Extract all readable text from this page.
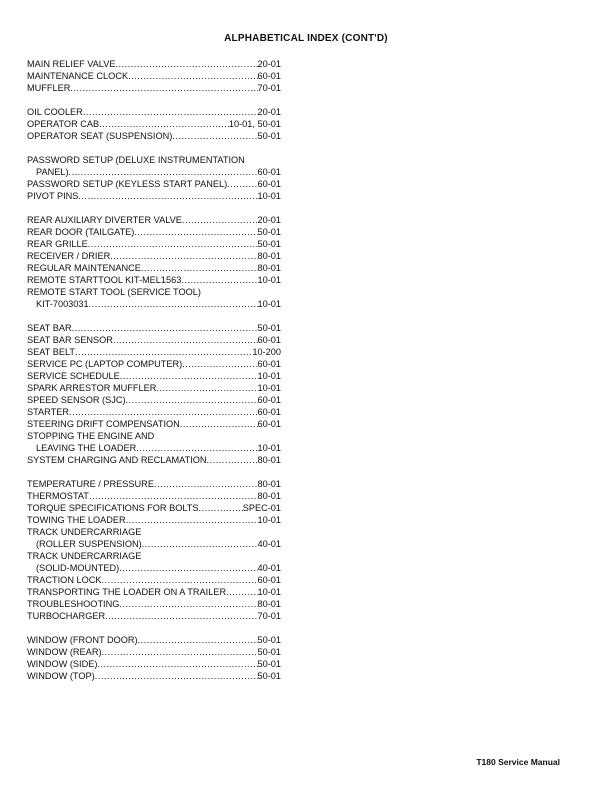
ALPHABETICAL INDEX (CONT'D)
MAIN RELIEF VALVE .....	20-01
MAINTENANCE CLOCK .....	60-01
MUFFLER .....	70-01
OIL COOLER .....	20-01
OPERATOR CAB .....	10-01, 50-01
OPERATOR SEAT (SUSPENSION) .....	50-01
PASSWORD SETUP (DELUXE INSTRUMENTATION
PANEL) .....	60-01
PASSWORD SETUP (KEYLESS START PANEL) .....	60-01
PIVOT PINS .....	10-01
REAR AUXILIARY DIVERTER VALVE .....	20-01
REAR DOOR (TAILGATE) .....	50-01
REAR GRILLE .....	50-01
RECEIVER / DRIER .....	80-01
REGULAR MAINTENANCE .....	80-01
REMOTE STARTTOOL KIT-MEL1563 .....	10-01
REMOTE START TOOL (SERVICE TOOL)
KIT-7003031 .....	10-01
SEAT BAR .....	50-01
SEAT BAR SENSOR .....	60-01
SEAT BELT .....	10-200
SERVICE PC (LAPTOP COMPUTER) .....	60-01
SERVICE SCHEDULE .....	10-01
SPARK ARRESTOR MUFFLER .....	10-01
SPEED SENSOR (SJC) .....	60-01
STARTER .....	60-01
STEERING DRIFT COMPENSATION .....	60-01
STOPPING THE ENGINE AND
LEAVING THE LOADER .....	10-01
SYSTEM CHARGING AND RECLAMATION .....	80-01
TEMPERATURE / PRESSURE .....	80-01
THERMOSTAT .....	80-01
TORQUE SPECIFICATIONS FOR BOLTS .....	SPEC-01
TOWING THE LOADER .....	10-01
TRACK UNDERCARRIAGE
(ROLLER SUSPENSION) .....	40-01
TRACK UNDERCARRIAGE
(SOLID-MOUNTED) .....	40-01
TRACTION LOCK .....	60-01
TRANSPORTING THE LOADER ON A TRAILER .....	10-01
TROUBLESHOOTING .....	80-01
TURBOCHARGER .....	70-01
WINDOW (FRONT DOOR) .....	50-01
WINDOW (REAR) .....	50-01
WINDOW (SIDE) .....	50-01
WINDOW (TOP) .....	50-01
T180 Service Manual
